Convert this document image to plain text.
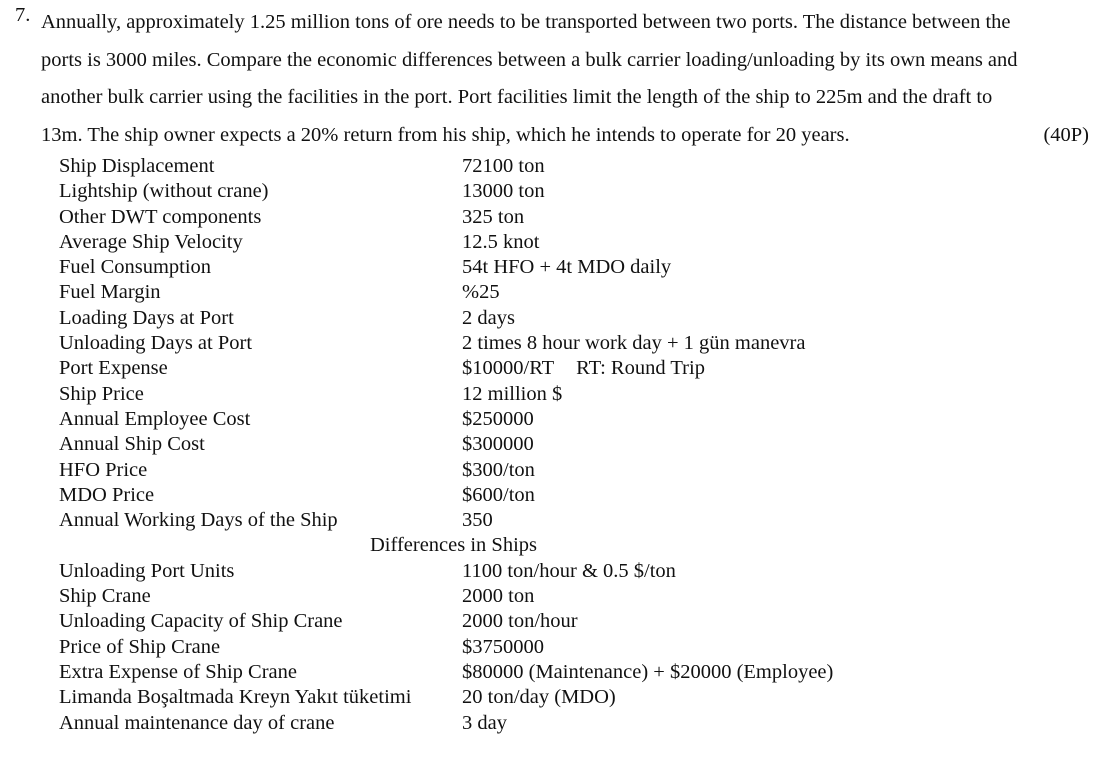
7. Annually, approximately 1.25 million tons of ore needs to be transported between two ports. The distance between the
ports is 3000 miles. Compare the economic differences between a bulk carrier loading/unloading by its own means and
another bulk carrier using the facilities in the port. Port facilities limit the length of the ship to 225m and the draft to
13m. The ship owner expects a 20% return from his ship, which he intends to operate for 20 years.	(40P)
Ship Displacement	72100 ton
Lightship (without crane)	13000 ton
Other DWT components	325 ton
Average Ship Velocity	12.5 knot
Fuel Consumption	54t HFO + 4t MDO daily
Fuel Margin	%25
Loading Days at Port	2 days
Unloading Days at Port	2 times 8 hour work day + 1 gün manevra
Port Expense	$10000/RT RT: Round Trip
Ship Price	12 million $
Annual Employee Cost	$250000
Annual Ship Cost	$300000
HFO Price	$300/ton
MDO Price	$600/ton
Annual Working Days of the Ship	350
Differences in Ships
Unloading Port Units	1100 ton/hour & 0.5 $/ton
Ship Crane	2000 ton
Unloading Capacity of Ship Crane	2000 ton/hour
Price of Ship Crane	$3750000
Extra Expense of Ship Crane	$80000 (Maintenance) + $20000 (Employee)
Limanda Boşaltmada Kreyn Yakıt tüketimi 20 ton/day (MDO)
Annual maintenance day of crane	3 day
